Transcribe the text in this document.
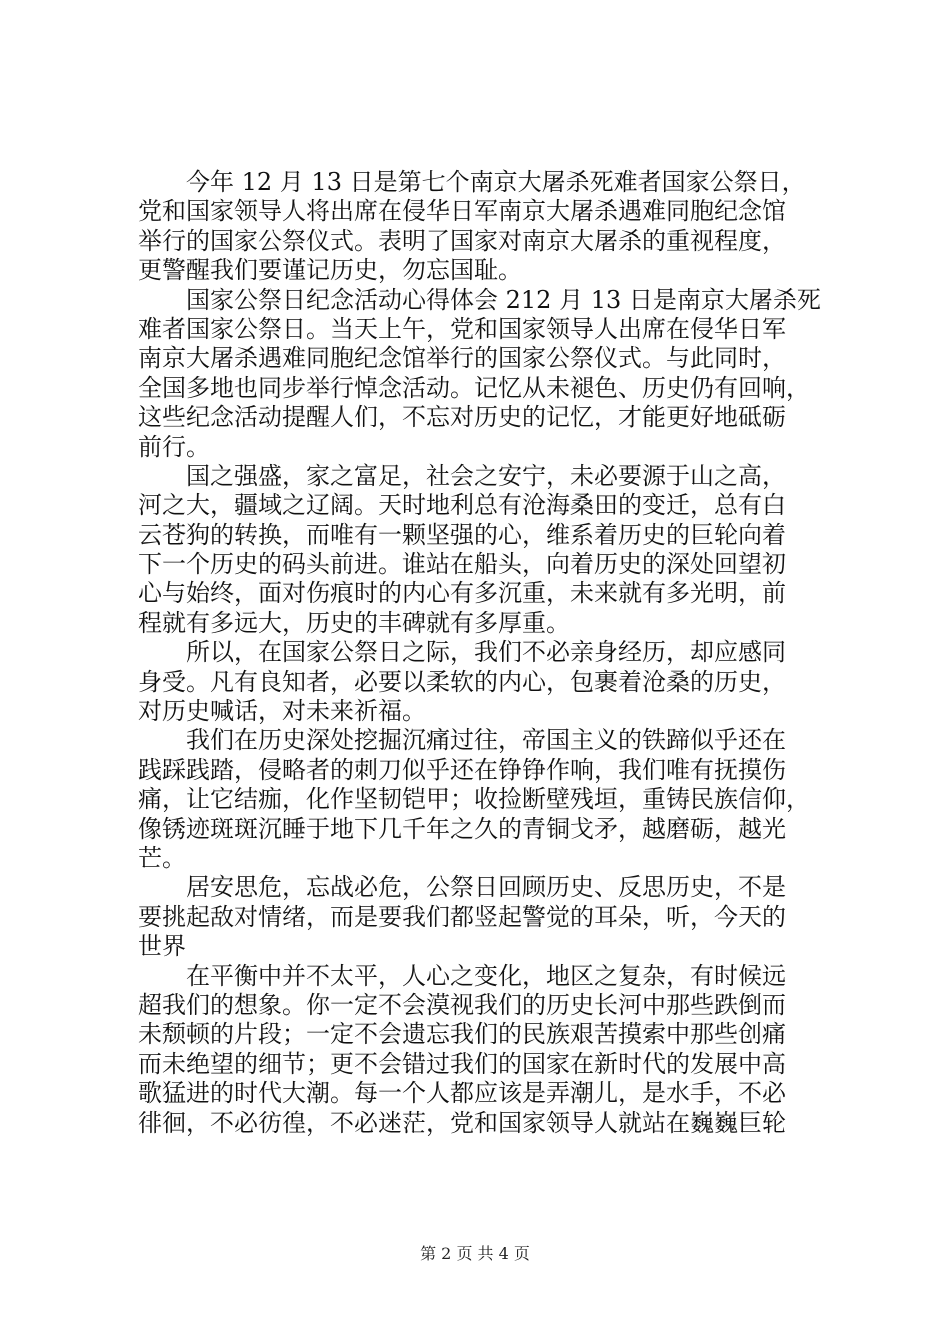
今年 12 月 13 日是第七个南京大屠杀死难者国家公祭日，
党和国家领导人将出席在侵华日军南京大屠杀遇难同胞纪念馆
举行的国家公祭仪式。表明了国家对南京大屠杀的重视程度，
更警醒我们要谨记历史，勿忘国耻。
国家公祭日纪念活动心得体会 212 月 13 日是南京大屠杀死
难者国家公祭日。当天上午，党和国家领导人出席在侵华日军
南京大屠杀遇难同胞纪念馆举行的国家公祭仪式。与此同时，
全国多地也同步举行悼念活动。记忆从未褪色、历史仍有回响，
这些纪念活动提醒人们，不忘对历史的记忆，才能更好地砥砺
前行。
国之强盛，家之富足，社会之安宁，未必要源于山之高，
河之大，疆域之辽阔。天时地利总有沧海桑田的变迁，总有白
云苍狗的转换，而唯有一颗坚强的心，维系着历史的巨轮向着
下一个历史的码头前进。谁站在船头，向着历史的深处回望初
心与始终，面对伤痕时的内心有多沉重，未来就有多光明，前
程就有多远大，历史的丰碑就有多厚重。
所以，在国家公祭日之际，我们不必亲身经历，却应感同
身受。凡有良知者，必要以柔软的内心，包裹着沧桑的历史，
对历史喊话，对未来祈福。
我们在历史深处挖掘沉痛过往，帝国主义的铁蹄似乎还在
践踩践踏，侵略者的刺刀似乎还在铮铮作响，我们唯有抚摸伤
痛，让它结痂，化作坚韧铠甲；收捡断壁残垣，重铸民族信仰，
像锈迹斑斑沉睡于地下几千年之久的青铜戈矛，越磨砺，越光
芒。
居安思危，忘战必危，公祭日回顾历史、反思历史，不是
要挑起敌对情绪，而是要我们都竖起警觉的耳朵，听，今天的
世界
在平衡中并不太平，人心之变化，地区之复杂，有时候远
超我们的想象。你一定不会漠视我们的历史长河中那些跌倒而
未颓顿的片段；一定不会遗忘我们的民族艰苦摸索中那些创痛
而未绝望的细节；更不会错过我们的国家在新时代的发展中高
歌猛进的时代大潮。每一个人都应该是弄潮儿，是水手，不必
徘徊，不必彷徨，不必迷茫，党和国家领导人就站在巍巍巨轮
第 2 页 共 4 页
